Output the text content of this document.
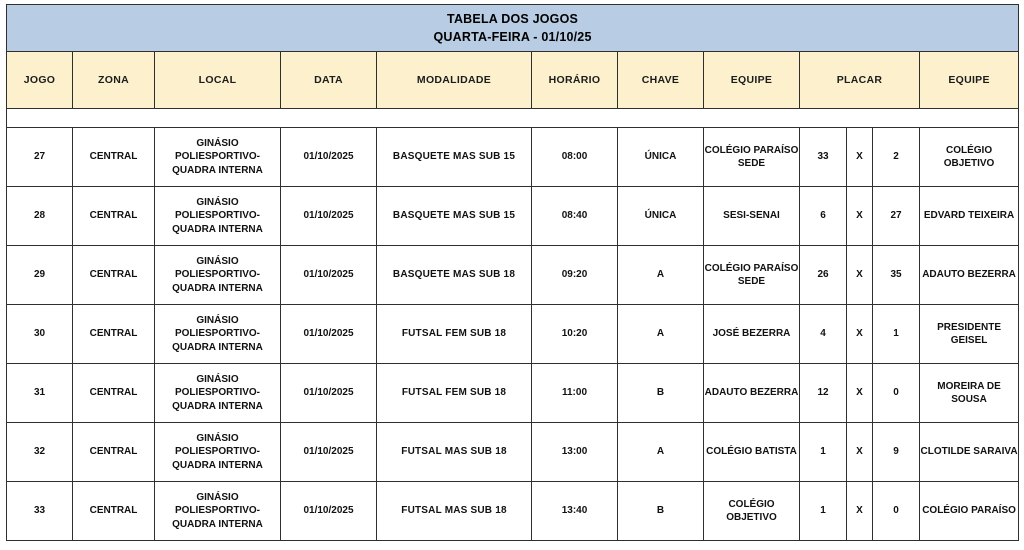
TABELA DOS JOGOS
QUARTA-FEIRA - 01/10/25											

JOGO	ZONA	LOCAL	DATA	MODALIDADE	HORÁRIO	CHAVE	EQUIPE	PLACAR			EQUIPE

27	CENTRAL	GINÁSIO POLIESPORTIVO-QUADRA INTERNA	01/10/2025	BASQUETE MAS SUB 15	08:00	ÚNICA	COLÉGIO PARAÍSO SEDE	33	X	2	COLÉGIO OBJETIVO
28	CENTRAL	GINÁSIO POLIESPORTIVO-QUADRA INTERNA	01/10/2025	BASQUETE MAS SUB 15	08:40	ÚNICA	SESI-SENAI	6	X	27	EDVARD TEIXEIRA
29	CENTRAL	GINÁSIO POLIESPORTIVO-QUADRA INTERNA	01/10/2025	BASQUETE MAS SUB 18	09:20	A	COLÉGIO PARAÍSO SEDE	26	X	35	ADAUTO BEZERRA
30	CENTRAL	GINÁSIO POLIESPORTIVO-QUADRA INTERNA	01/10/2025	FUTSAL FEM SUB 18	10:20	A	JOSÉ BEZERRA	4	X	1	PRESIDENTE GEISEL
31	CENTRAL	GINÁSIO POLIESPORTIVO-QUADRA INTERNA	01/10/2025	FUTSAL FEM SUB 18	11:00	B	ADAUTO BEZERRA	12	X	0	MOREIRA DE SOUSA
32	CENTRAL	GINÁSIO POLIESPORTIVO-QUADRA INTERNA	01/10/2025	FUTSAL MAS SUB 18	13:00	A	COLÉGIO BATISTA	1	X	9	CLOTILDE SARAIVA
33	CENTRAL	GINÁSIO POLIESPORTIVO-QUADRA INTERNA	01/10/2025	FUTSAL MAS SUB 18	13:40	B	COLÉGIO OBJETIVO	1	X	0	COLÉGIO PARAÍSO
